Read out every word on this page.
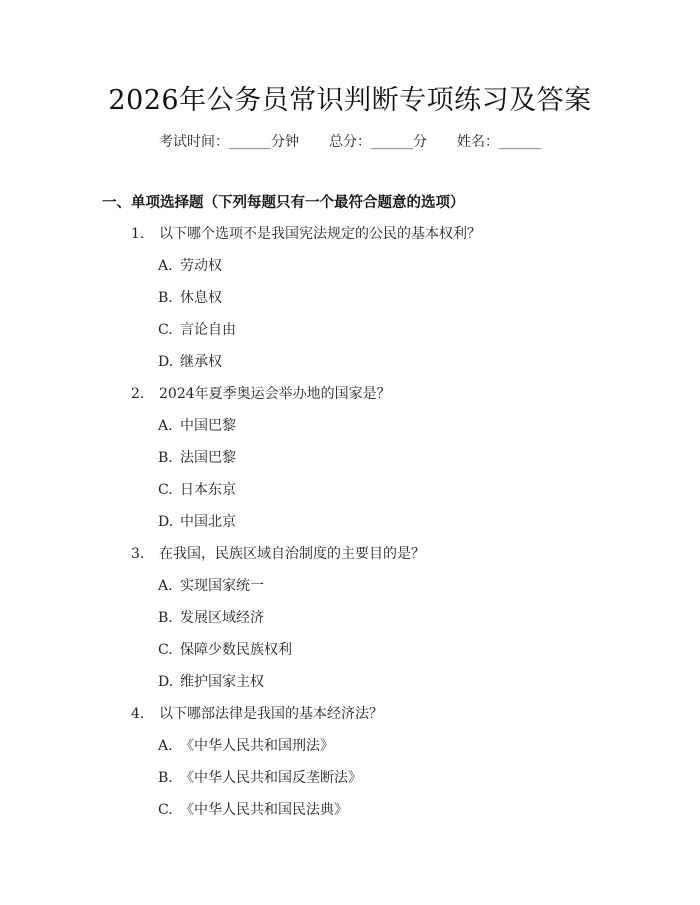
2026年公务员常识判断专项练习及答案
考试时间：______分钟 总分：______分 姓名：______
一、单项选择题（下列每题只有一个最符合题意的选项）
1. 以下哪个选项不是我国宪法规定的公民的基本权利？
A. 劳动权
B. 休息权
C. 言论自由
D. 继承权
2. 2024年夏季奥运会举办地的国家是？
A. 中国巴黎
B. 法国巴黎
C. 日本东京
D. 中国北京
3. 在我国，民族区域自治制度的主要目的是？
A. 实现国家统一
B. 发展区域经济
C. 保障少数民族权利
D. 维护国家主权
4. 以下哪部法律是我国的基本经济法？
A. 《中华人民共和国刑法》
B. 《中华人民共和国反垄断法》
C. 《中华人民共和国民法典》
